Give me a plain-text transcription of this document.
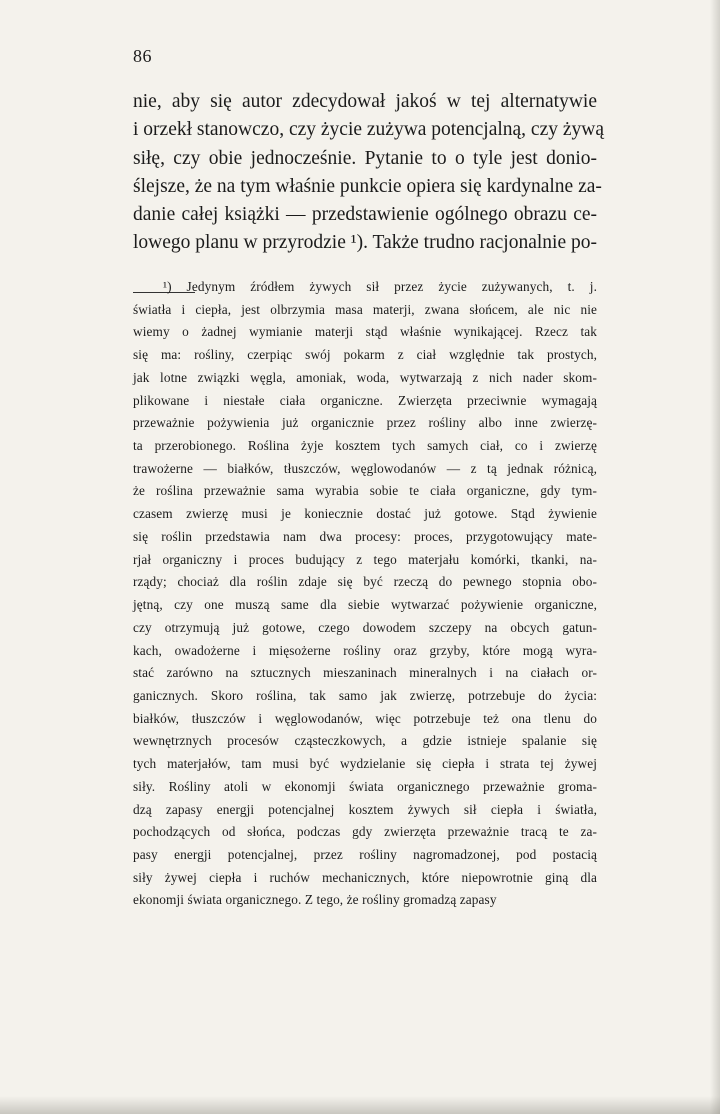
86
nie, aby się autor zdecydował jakoś w tej alternatywie
i orzekł stanowczo, czy życie zużywa potencjalną, czy żywą
siłę, czy obie jednocześnie. Pytanie to o tyle jest donio-
ślejsze, że na tym właśnie punkcie opiera się kardynalne za-
danie całej książki — przedstawienie ogólnego obrazu ce-
lowego planu w przyrodzie ¹). Także trudno racjonalnie po-
¹) Jedynym źródłem żywych sił przez życie zużywanych, t. j.
światła i ciepła, jest olbrzymia masa materji, zwana słońcem, ale nic nie
wiemy o żadnej wymianie materji stąd właśnie wynikającej. Rzecz tak
się ma: rośliny, czerpiąc swój pokarm z ciał względnie tak prostych,
jak lotne związki węgla, amoniak, woda, wytwarzają z nich nader skom-
plikowane i niestałe ciała organiczne. Zwierzęta przeciwnie wymagają
przeważnie pożywienia już organicznie przez rośliny albo inne zwierzę-
ta przerobionego. Roślina żyje kosztem tych samych ciał, co i zwierzę
trawożerne — białków, tłuszczów, węglowodanów — z tą jednak różnicą,
że roślina przeważnie sama wyrabia sobie te ciała organiczne, gdy tym-
czasem zwierzę musi je koniecznie dostać już gotowe. Stąd żywienie
się roślin przedstawia nam dwa procesy: proces, przygotowujący mate-
rjał organiczny i proces budujący z tego materjału komórki, tkanki, na-
rządy; chociaż dla roślin zdaje się być rzeczą do pewnego stopnia obo-
jętną, czy one muszą same dla siebie wytwarzać pożywienie organiczne,
czy otrzymują już gotowe, czego dowodem szczepy na obcych gatun-
kach, owadożerne i mięsożerne rośliny oraz grzyby, które mogą wyra-
stać zarówno na sztucznych mieszaninach mineralnych i na ciałach or-
ganicznych. Skoro roślina, tak samo jak zwierzę, potrzebuje do życia:
białków, tłuszczów i węglowodanów, więc potrzebuje też ona tlenu do
wewnętrznych procesów cząsteczkowych, a gdzie istnieje spalanie się
tych materjałów, tam musi być wydzielanie się ciepła i strata tej żywej
siły. Rośliny atoli w ekonomji świata organicznego przeważnie groma-
dzą zapasy energji potencjalnej kosztem żywych sił ciepła i światła,
pochodzących od słońca, podczas gdy zwierzęta przeważnie tracą te za-
pasy energji potencjalnej, przez rośliny nagromadzonej, pod postacią
siły żywej ciepła i ruchów mechanicznych, które niepowrotnie giną dla
ekonomji świata organicznego. Z tego, że rośliny gromadzą zapasy
